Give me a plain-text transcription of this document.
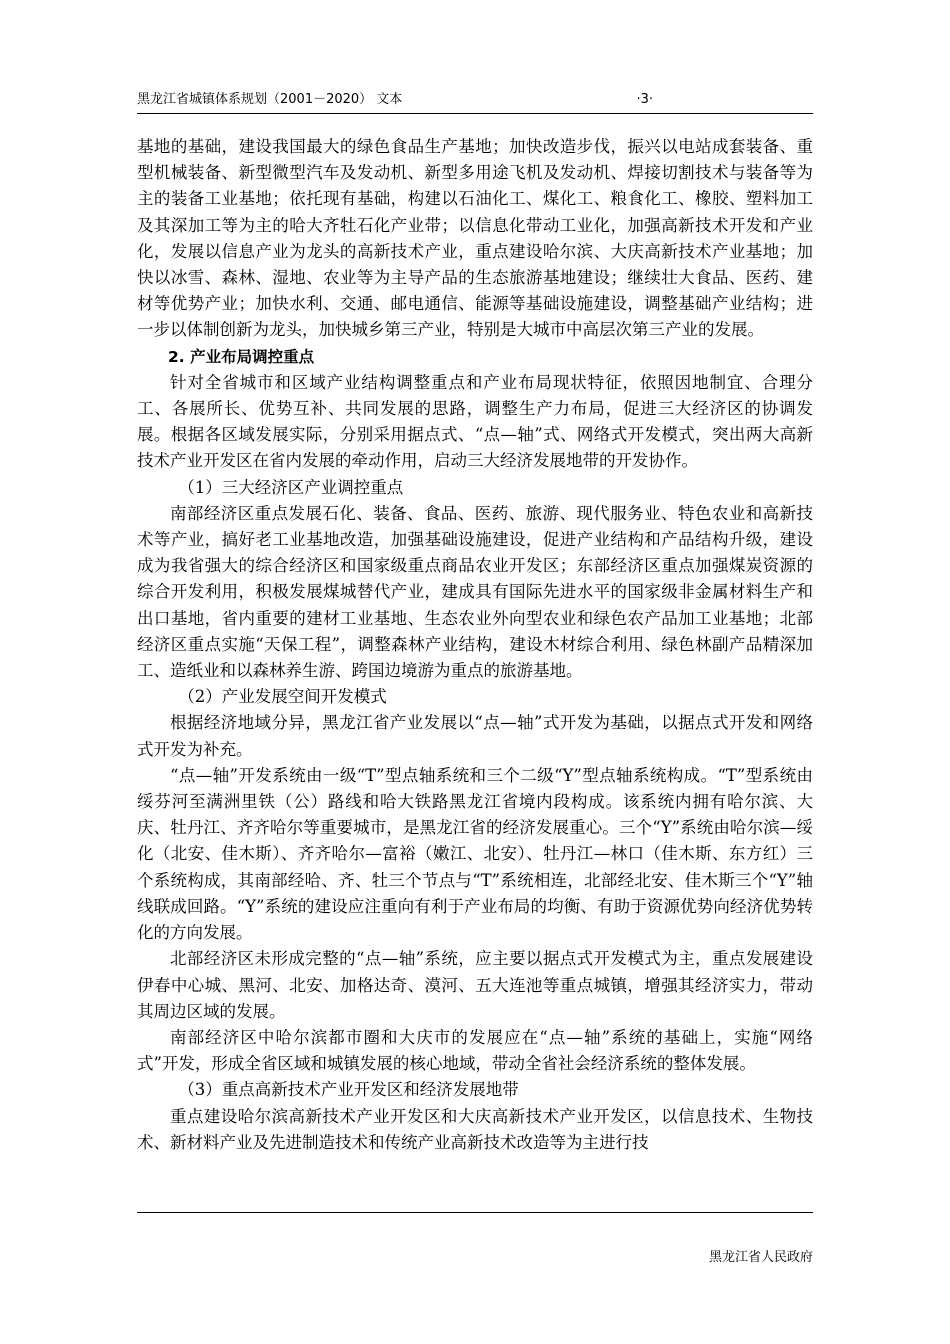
黑龙江省城镇体系规划（2001－2020） 文本	·3·

基地的基础，建设我国最大的绿色食品生产基地；加快改造步伐，振兴以电站成套装备、重型机械装备、新型微型汽车及发动机、新型多用途飞机及发动机、焊接切割技术与装备等为主的装备工业基地；依托现有基础，构建以石油化工、煤化工、粮食化工、橡胶、塑料加工及其深加工等为主的哈大齐牡石化产业带；以信息化带动工业化，加强高新技术开发和产业化，发展以信息产业为龙头的高新技术产业，重点建设哈尔滨、大庆高新技术产业基地；加快以冰雪、森林、湿地、农业等为主导产品的生态旅游基地建设；继续壮大食品、医药、建材等优势产业；加快水利、交通、邮电通信、能源等基础设施建设，调整基础产业结构；进一步以体制创新为龙头，加快城乡第三产业，特别是大城市中高层次第三产业的发展。

2. 产业布局调控重点

针对全省城市和区域产业结构调整重点和产业布局现状特征，依照因地制宜、合理分工、各展所长、优势互补、共同发展的思路，调整生产力布局，促进三大经济区的协调发展。根据各区域发展实际，分别采用据点式、“点—轴”式、网络式开发模式，突出两大高新技术产业开发区在省内发展的牵动作用，启动三大经济发展地带的开发协作。

（1）三大经济区产业调控重点

南部经济区重点发展石化、装备、食品、医药、旅游、现代服务业、特色农业和高新技术等产业，搞好老工业基地改造，加强基础设施建设，促进产业结构和产品结构升级，建设成为我省强大的综合经济区和国家级重点商品农业开发区；东部经济区重点加强煤炭资源的综合开发利用，积极发展煤城替代产业，建成具有国际先进水平的国家级非金属材料生产和出口基地，省内重要的建材工业基地、生态农业外向型农业和绿色农产品加工业基地；北部经济区重点实施“天保工程”，调整森林产业结构，建设木材综合利用、绿色林副产品精深加工、造纸业和以森林养生游、跨国边境游为重点的旅游基地。

（2）产业发展空间开发模式

根据经济地域分异，黑龙江省产业发展以“点—轴”式开发为基础，以据点式开发和网络式开发为补充。

“点—轴”开发系统由一级“T”型点轴系统和三个二级“Y”型点轴系统构成。“T”型系统由绥芬河至满洲里铁（公）路线和哈大铁路黑龙江省境内段构成。该系统内拥有哈尔滨、大庆、牡丹江、齐齐哈尔等重要城市，是黑龙江省的经济发展重心。三个“Y”系统由哈尔滨—绥化（北安、佳木斯）、齐齐哈尔—富裕（嫩江、北安）、牡丹江—林口（佳木斯、东方红）三个系统构成，其南部经哈、齐、牡三个节点与“T”系统相连，北部经北安、佳木斯三个“Y”轴线联成回路。“Y”系统的建设应注重向有利于产业布局的均衡、有助于资源优势向经济优势转化的方向发展。

北部经济区未形成完整的“点—轴”系统，应主要以据点式开发模式为主，重点发展建设伊春中心城、黑河、北安、加格达奇、漠河、五大连池等重点城镇，增强其经济实力，带动其周边区域的发展。

南部经济区中哈尔滨都市圈和大庆市的发展应在“点—轴”系统的基础上，实施“网络式”开发，形成全省区域和城镇发展的核心地域，带动全省社会经济系统的整体发展。

（3）重点高新技术产业开发区和经济发展地带

重点建设哈尔滨高新技术产业开发区和大庆高新技术产业开发区，以信息技术、生物技术、新材料产业及先进制造技术和传统产业高新技术改造等为主进行技

黑龙江省人民政府
